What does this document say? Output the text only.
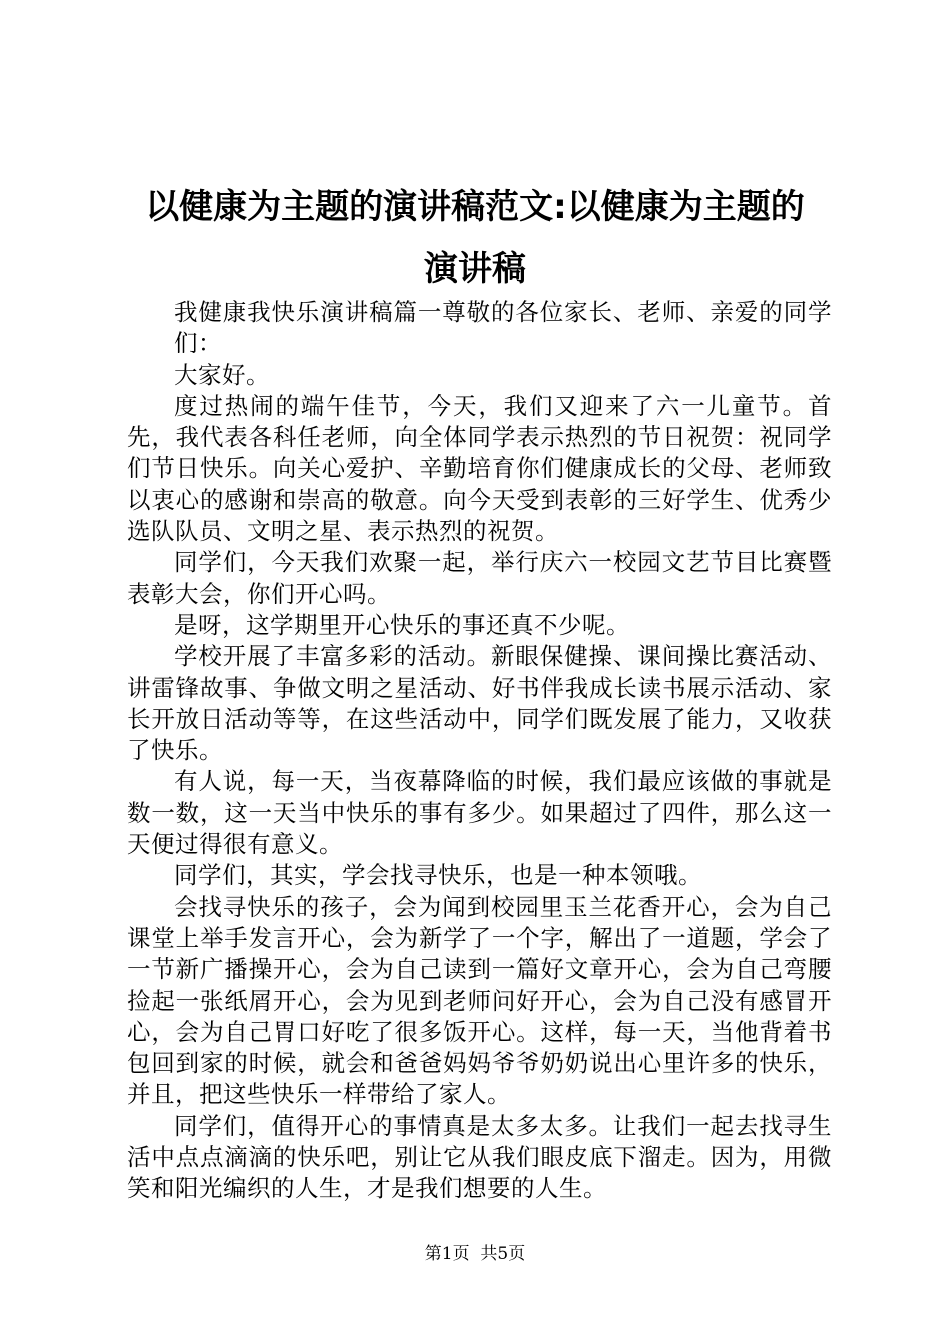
以健康为主题的演讲稿范文:以健康为主题的
演讲稿

我健康我快乐演讲稿篇一尊敬的各位家长、老师、亲爱的同学们：

大家好。

度过热闹的端午佳节，今天，我们又迎来了六一儿童节。首先，我代表各科任老师，向全体同学表示热烈的节日祝贺：祝同学们节日快乐。向关心爱护、辛勤培育你们健康成长的父母、老师致以衷心的感谢和崇高的敬意。向今天受到表彰的三好学生、优秀少选队队员、文明之星、表示热烈的祝贺。

同学们，今天我们欢聚一起，举行庆六一校园文艺节目比赛暨表彰大会，你们开心吗。

是呀，这学期里开心快乐的事还真不少呢。

学校开展了丰富多彩的活动。新眼保健操、课间操比赛活动、讲雷锋故事、争做文明之星活动、好书伴我成长读书展示活动、家长开放日活动等等，在这些活动中，同学们既发展了能力，又收获了快乐。

有人说，每一天，当夜幕降临的时候，我们最应该做的事就是数一数，这一天当中快乐的事有多少。如果超过了四件，那么这一天便过得很有意义。

同学们，其实，学会找寻快乐，也是一种本领哦。

会找寻快乐的孩子，会为闻到校园里玉兰花香开心，会为自己课堂上举手发言开心，会为新学了一个字，解出了一道题，学会了一节新广播操开心，会为自己读到一篇好文章开心，会为自己弯腰捡起一张纸屑开心，会为见到老师问好开心，会为自己没有感冒开心，会为自己胃口好吃了很多饭开心。这样，每一天，当他背着书包回到家的时候，就会和爸爸妈妈爷爷奶奶说出心里许多的快乐，并且，把这些快乐一样带给了家人。

同学们，值得开心的事情真是太多太多。让我们一起去找寻生活中点点滴滴的快乐吧，别让它从我们眼皮底下溜走。因为，用微笑和阳光编织的人生，才是我们想要的人生。

第1页  共5页
